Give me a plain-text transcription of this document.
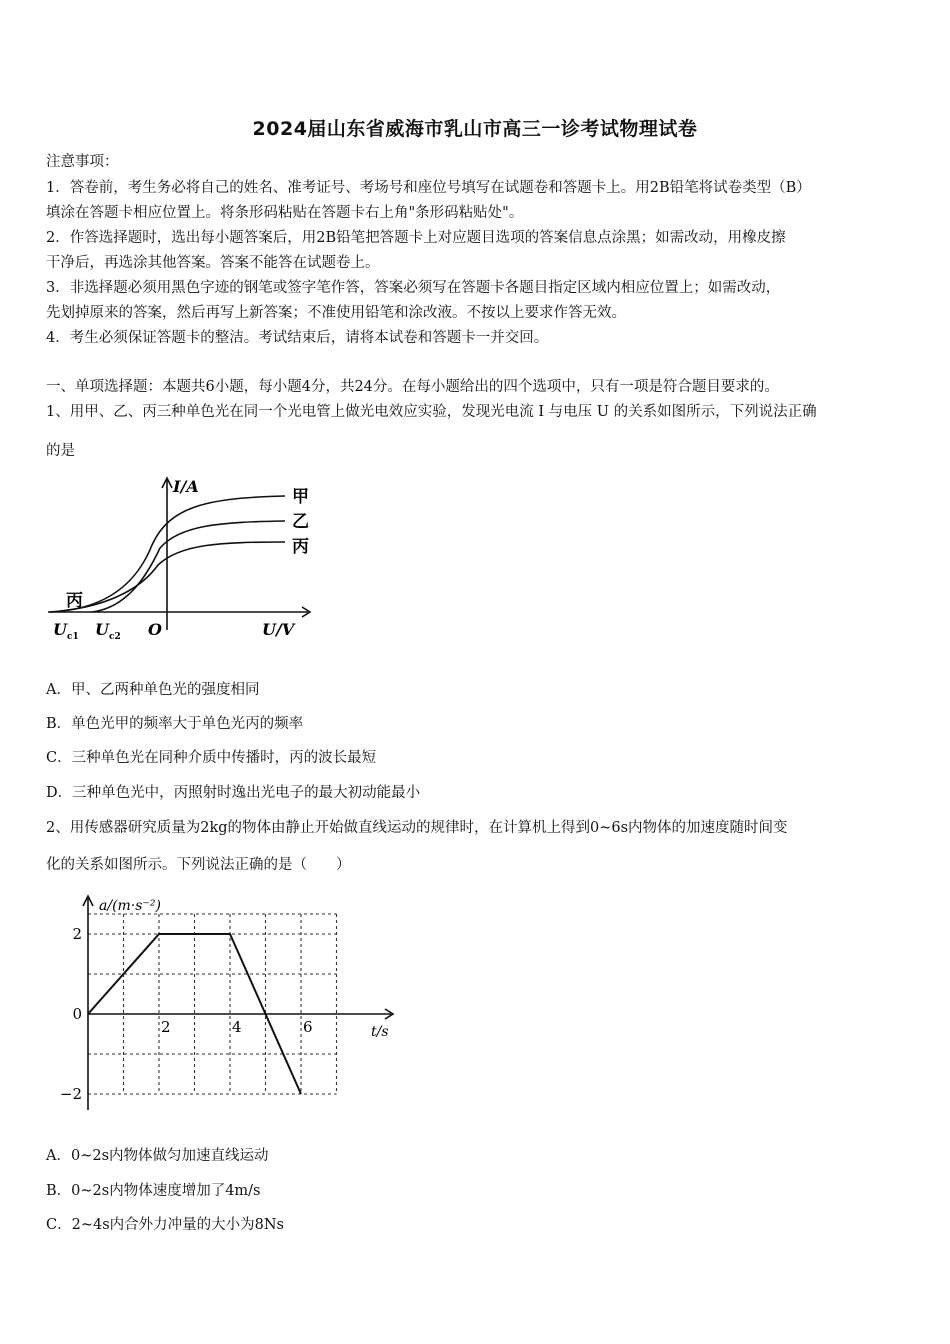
2024届山东省威海市乳山市高三一诊考试物理试卷
注意事项：
1．答卷前，考生务必将自己的姓名、准考证号、考场号和座位号填写在试题卷和答题卡上。用2B铅笔将试卷类型（B）
填涂在答题卡相应位置上。将条形码粘贴在答题卡右上角"条形码粘贴处"。
2．作答选择题时，选出每小题答案后，用2B铅笔把答题卡上对应题目选项的答案信息点涂黑；如需改动，用橡皮擦
干净后，再选涂其他答案。答案不能答在试题卷上。
3．非选择题必须用黑色字迹的钢笔或签字笔作答，答案必须写在答题卡各题目指定区域内相应位置上；如需改动，
先划掉原来的答案，然后再写上新答案；不准使用铅笔和涂改液。不按以上要求作答无效。
4．考生必须保证答题卡的整洁。考试结束后，请将本试卷和答题卡一并交回。
一、单项选择题：本题共6小题，每小题4分，共24分。在每小题给出的四个选项中，只有一项是符合题目要求的。
1、用甲、乙、丙三种单色光在同一个光电管上做光电效应实验，发现光电流 I 与电压 U 的关系如图所示，下列说法正确
的是
I/A
U/V
O
U c1 U c2
甲
乙
丙
丙
A．甲、乙两种单色光的强度相同
B．单色光甲的频率大于单色光丙的频率
C．三种单色光在同种介质中传播时，丙的波长最短
D．三种单色光中，丙照射时逸出光电子的最大初动能最小
2、用传感器研究质量为2kg的物体由静止开始做直线运动的规律时，在计算机上得到0~6s内物体的加速度随时间变
化的关系如图所示。下列说法正确的是（　　）
2	4	6
2
0
−2
a/(m·s⁻²)
t/s
A．0~2s内物体做匀加速直线运动
B．0~2s内物体速度增加了4m/s
C．2~4s内合外力冲量的大小为8Ns
